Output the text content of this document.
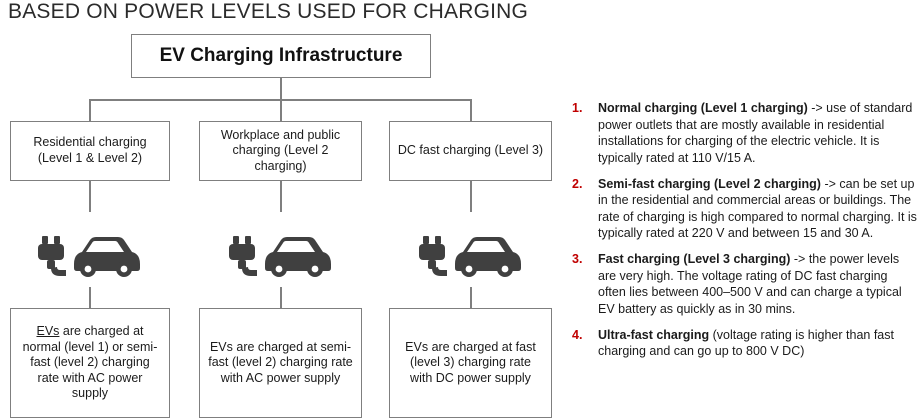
BASED ON POWER LEVELS USED FOR CHARGING
EV Charging Infrastructure
Residential charging (Level 1 & Level 2)
Workplace and public charging (Level 2 charging)
DC fast charging (Level 3)
EVs are charged at normal (level 1) or semi-fast (level 2) charging rate with AC power supply
EVs are charged at semi-fast (level 2) charging rate with AC power supply
EVs are charged at fast (level 3) charging rate with DC power supply
1.	Normal charging (Level 1 charging) -> use of standard power outlets that are mostly available in residential installations for charging of the electric vehicle. It is typically rated at 110 V/15 A.
2.	Semi-fast charging (Level 2 charging) -> can be set up in the residential and commercial areas or buildings. The rate of charging is high compared to normal charging. It is typically rated at 220 V and between 15 and 30 A.
3.	Fast charging (Level 3 charging) -> the power levels are very high. The voltage rating of DC fast charging often lies between 400–500 V and can charge a typical EV battery as quickly as in 30 mins.
4.	Ultra-fast charging (voltage rating is higher than fast charging and can go up to 800 V DC)
